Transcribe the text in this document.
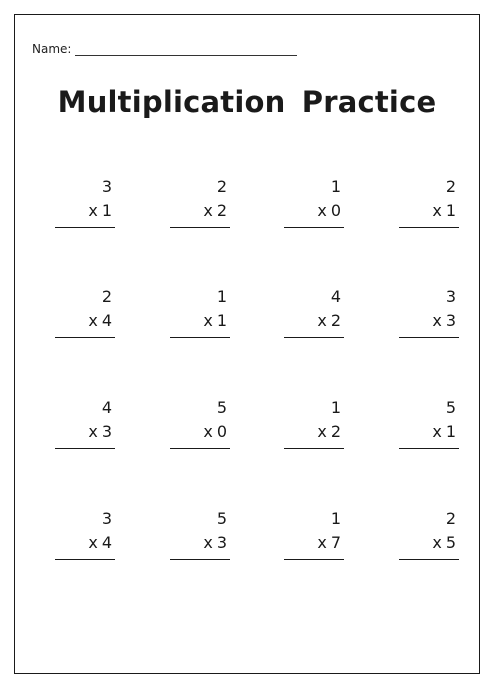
Name:
Multiplication Practice
3
x 1
2
x 2
1
x 0
2
x 1
2
x 4
1
x 1
4
x 2
3
x 3
4
x 3
5
x 0
1
x 2
5
x 1
3
x 4
5
x 3
1
x 7
2
x 5
